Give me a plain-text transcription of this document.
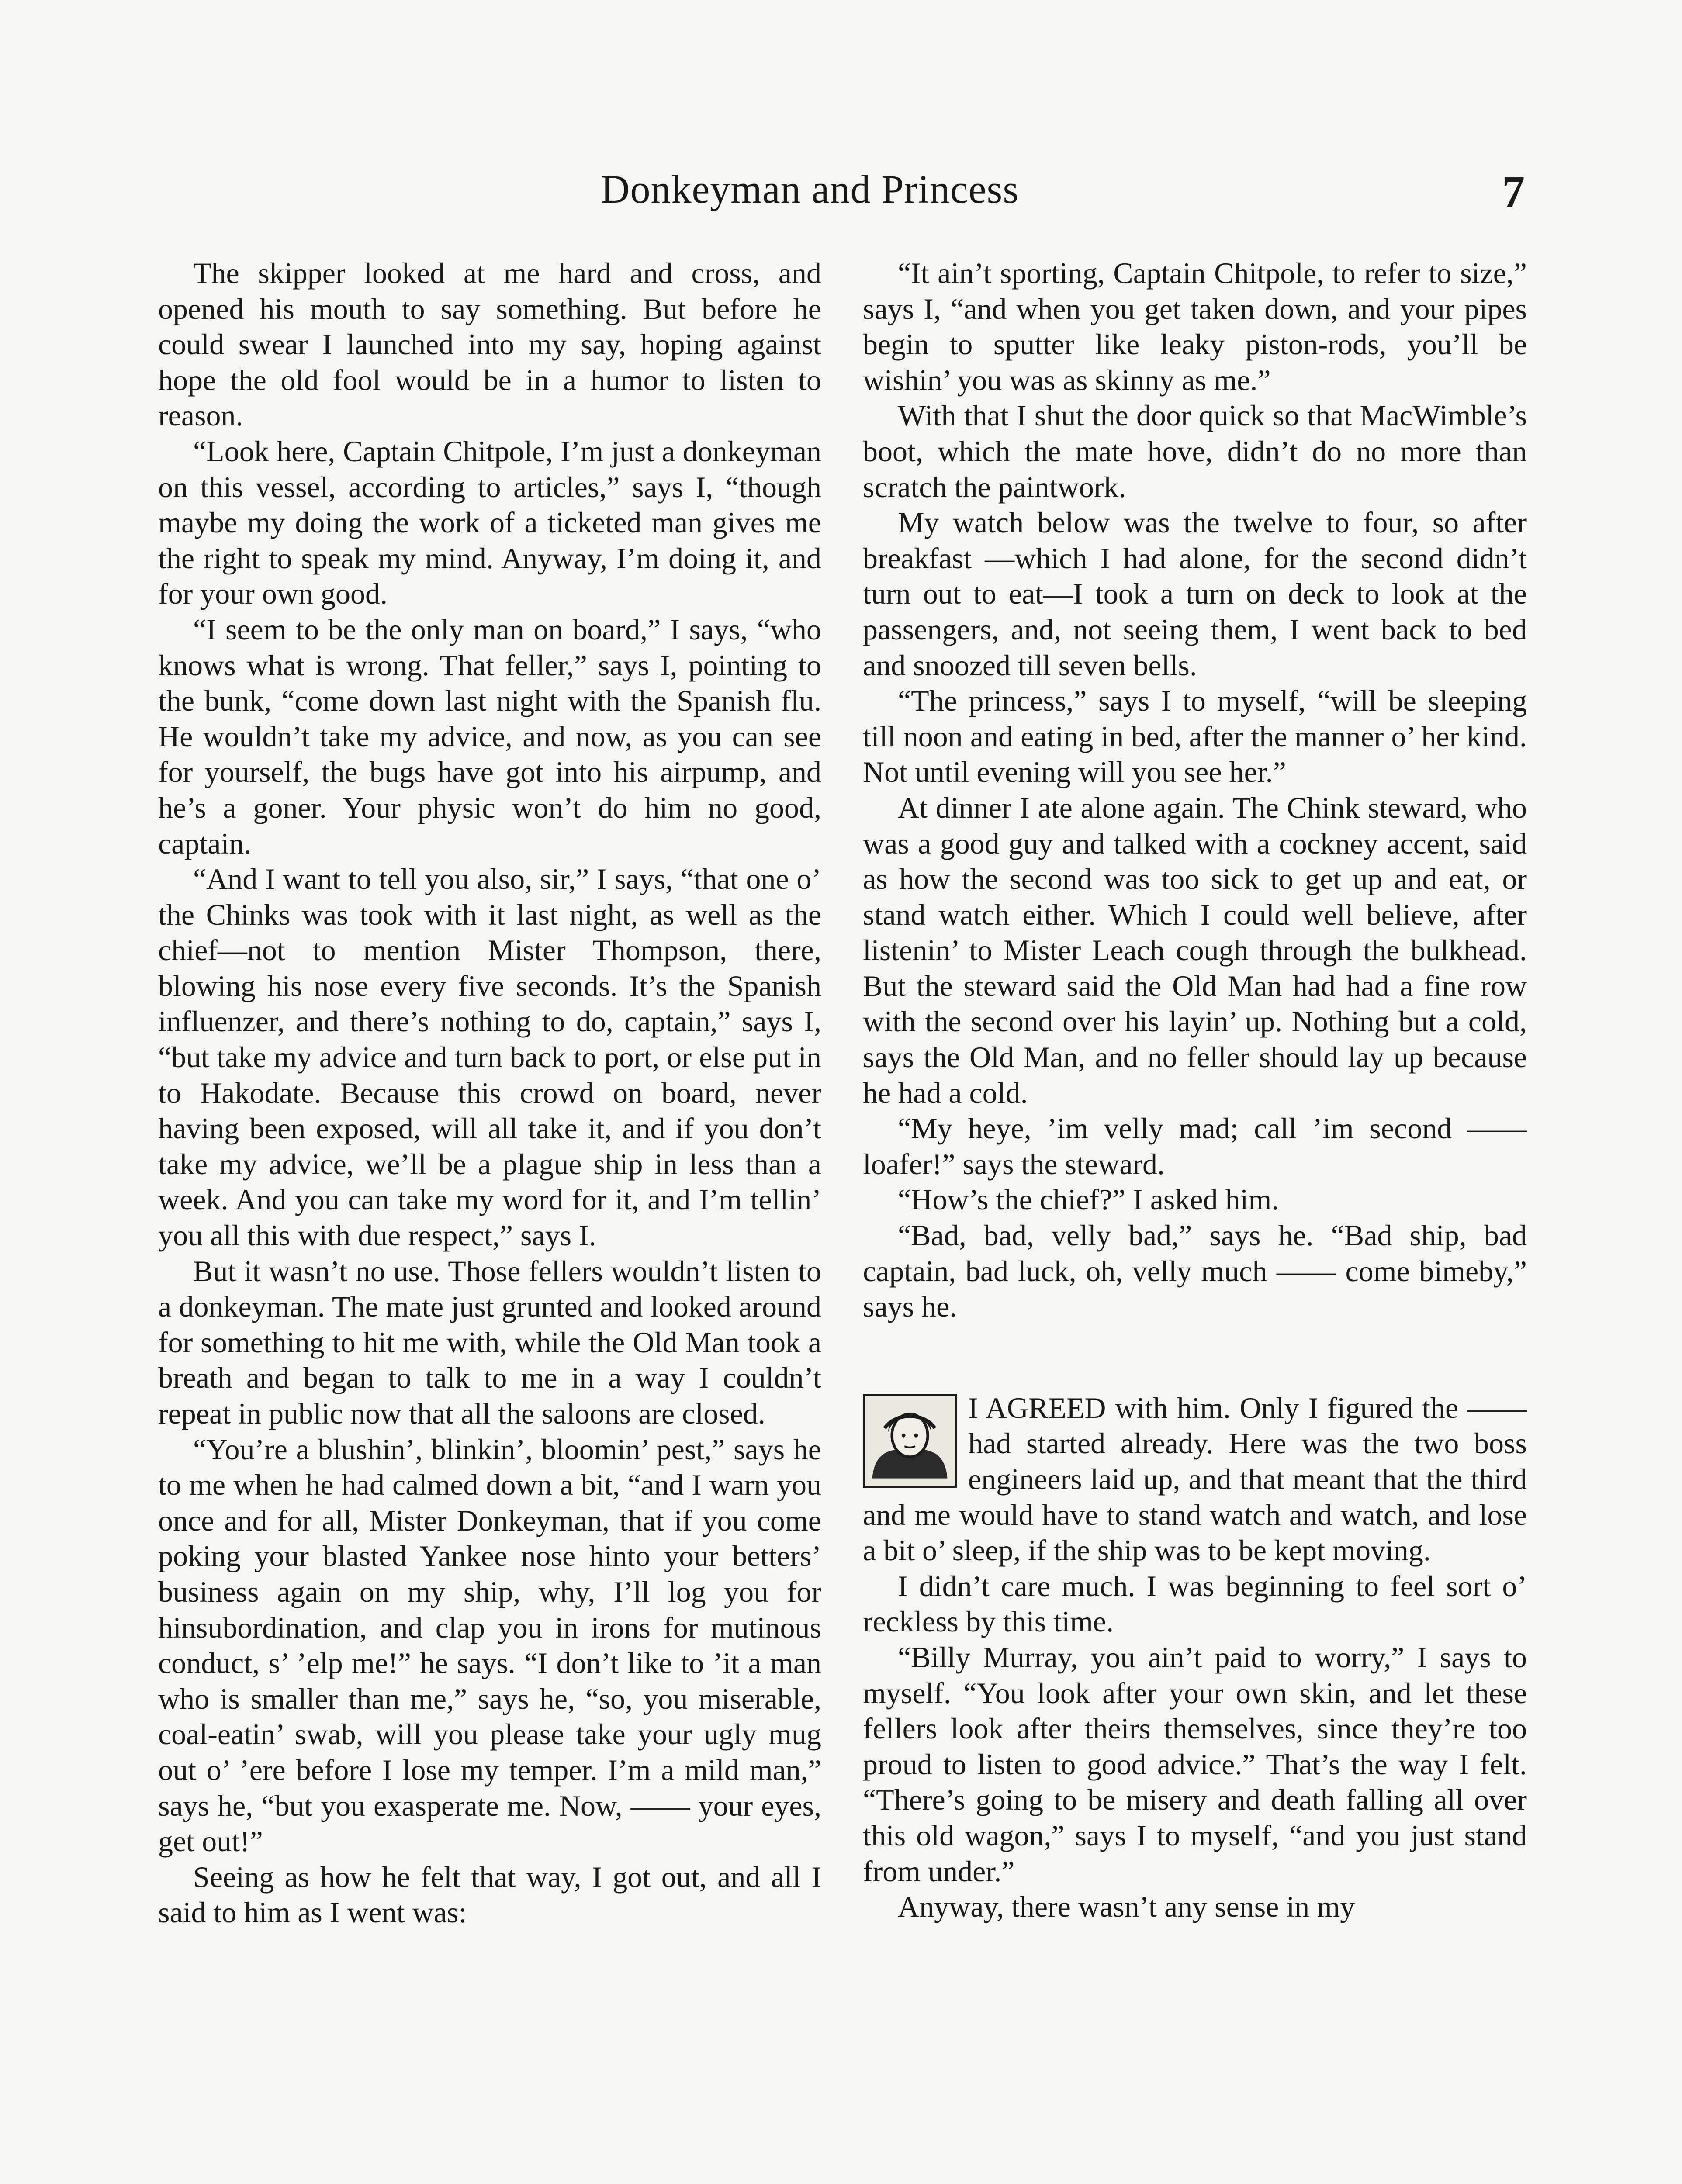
Donkeyman and Princess	7

The skipper looked at me hard and cross, and opened his mouth to say something. But before he could swear I launched into my say, hoping against hope the old fool would be in a humor to listen to reason.

“Look here, Captain Chitpole, I’m just a donkeyman on this vessel, according to articles,” says I, “though maybe my doing the work of a ticketed man gives me the right to speak my mind. Anyway, I’m doing it, and for your own good.

“I seem to be the only man on board,” I says, “who knows what is wrong. That feller,” says I, pointing to the bunk, “come down last night with the Spanish flu. He wouldn’t take my advice, and now, as you can see for yourself, the bugs have got into his airpump, and he’s a goner. Your physic won’t do him no good, captain.

“And I want to tell you also, sir,” I says, “that one o’ the Chinks was took with it last night, as well as the chief—not to mention Mister Thompson, there, blowing his nose every five seconds. It’s the Spanish influenzer, and there’s nothing to do, captain,” says I, “but take my advice and turn back to port, or else put in to Hakodate. Because this crowd on board, never having been exposed, will all take it, and if you don’t take my advice, we’ll be a plague ship in less than a week. And you can take my word for it, and I’m tellin’ you all this with due respect,” says I.

But it wasn’t no use. Those fellers wouldn’t listen to a donkeyman. The mate just grunted and looked around for something to hit me with, while the Old Man took a breath and began to talk to me in a way I couldn’t repeat in public now that all the saloons are closed.

“You’re a blushin’, blinkin’, bloomin’ pest,” says he to me when he had calmed down a bit, “and I warn you once and for all, Mister Donkeyman, that if you come poking your blasted Yankee nose hinto your betters’ business again on my ship, why, I’ll log you for hinsubordination, and clap you in irons for mutinous conduct, s’ ’elp me!” he says. “I don’t like to ’it a man who is smaller than me,” says he, “so, you miserable, coal-eatin’ swab, will you please take your ugly mug out o’ ’ere before I lose my temper. I’m a mild man,” says he, “but you exasperate me. Now, —— your eyes, get out!”

Seeing as how he felt that way, I got out, and all I said to him as I went was:

“It ain’t sporting, Captain Chitpole, to refer to size,” says I, “and when you get taken down, and your pipes begin to sputter like leaky piston-rods, you’ll be wishin’ you was as skinny as me.”

With that I shut the door quick so that MacWimble’s boot, which the mate hove, didn’t do no more than scratch the paintwork.

My watch below was the twelve to four, so after breakfast —which I had alone, for the second didn’t turn out to eat—I took a turn on deck to look at the passengers, and, not seeing them, I went back to bed and snoozed till seven bells.

“The princess,” says I to myself, “will be sleeping till noon and eating in bed, after the manner o’ her kind. Not until evening will you see her.”

At dinner I ate alone again. The Chink steward, who was a good guy and talked with a cockney accent, said as how the second was too sick to get up and eat, or stand watch either. Which I could well believe, after listenin’ to Mister Leach cough through the bulkhead. But the steward said the Old Man had had a fine row with the second over his layin’ up. Nothing but a cold, says the Old Man, and no feller should lay up because he had a cold.

“My heye, ’im velly mad; call ’im second —— loafer!” says the steward.

“How’s the chief?” I asked him.

“Bad, bad, velly bad,” says he. “Bad ship, bad captain, bad luck, oh, velly much —— come bimeby,” says he.

I AGREED with him. Only I figured the —— had started already. Here was the two boss engineers laid up, and that meant that the third and me would have to stand watch and watch, and lose a bit o’ sleep, if the ship was to be kept moving.

I didn’t care much. I was beginning to feel sort o’ reckless by this time.

“Billy Murray, you ain’t paid to worry,” I says to myself. “You look after your own skin, and let these fellers look after theirs themselves, since they’re too proud to listen to good advice.” That’s the way I felt. “There’s going to be misery and death falling all over this old wagon,” says I to myself, “and you just stand from under.”

Anyway, there wasn’t any sense in my
